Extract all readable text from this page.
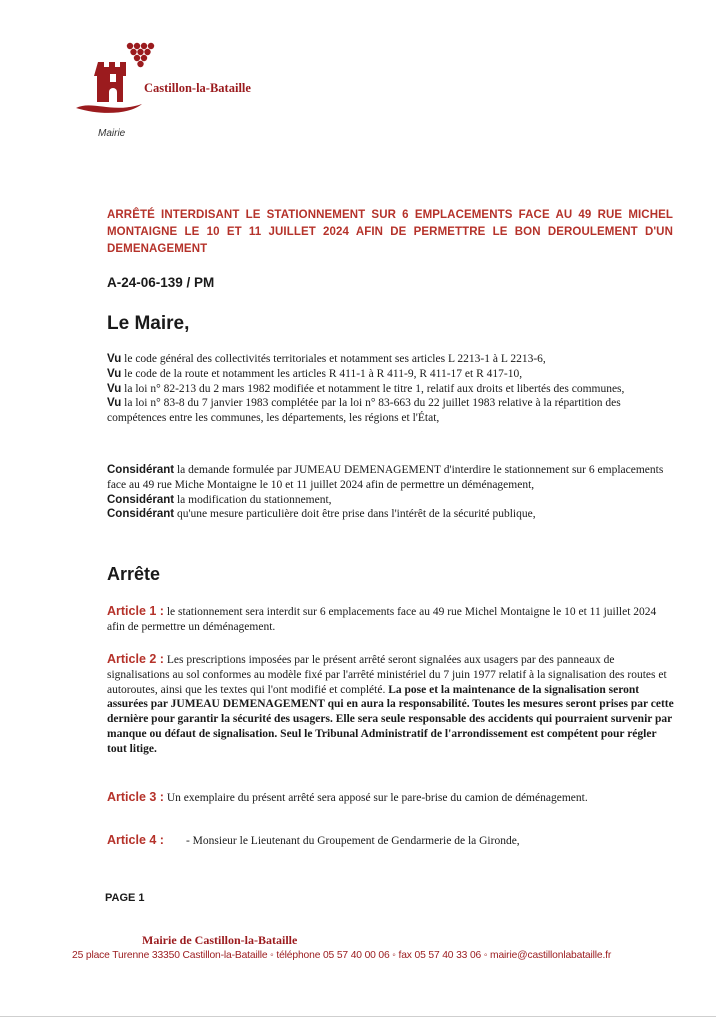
Castillon-la-Bataille
Mairie
ARRÊTÉ INTERDISANT LE STATIONNEMENT SUR 6 EMPLACEMENTS FACE AU 49 RUE MICHEL MONTAIGNE LE 10 ET 11 JUILLET 2024 AFIN DE PERMETTRE LE BON DEROULEMENT D'UN DEMENAGEMENT
A-24-06-139 / PM
Le Maire,

Vu le code général des collectivités territoriales et notamment ses articles L 2213-1 à L 2213-6,

Vu le code de la route et notamment les articles R 411-1 à R 411-9, R 411-17 et R 417-10,

Vu la loi n° 82-213 du 2 mars 1982 modifiée et notamment le titre 1, relatif aux droits et libertés des communes,

Vu la loi n° 83-8 du 7 janvier 1983 complétée par la loi n° 83-663 du 22 juillet 1983 relative à la répartition des compétences entre les communes, les départements, les régions et l'État,

Considérant la demande formulée par JUMEAU DEMENAGEMENT d'interdire le stationnement sur 6 emplacements face au 49 rue Miche Montaigne le 10 et 11 juillet 2024 afin de permettre un déménagement,

Considérant la modification du stationnement,

Considérant qu'une mesure particulière doit être prise dans l'intérêt de la sécurité publique,

Arrête

Article 1 : le stationnement sera interdit sur 6 emplacements face au 49 rue Michel Montaigne le 10 et 11 juillet 2024 afin de permettre un déménagement.

Article 2 : Les prescriptions imposées par le présent arrêté seront signalées aux usagers par des panneaux de signalisations au sol conformes au modèle fixé par l'arrêté ministériel du 7 juin 1977 relatif à la signalisation des routes et autoroutes, ainsi que les textes qui l'ont modifié et complété. La pose et la maintenance de la signalisation seront assurées par JUMEAU DEMENAGEMENT qui en aura la responsabilité. Toutes les mesures seront prises par cette dernière pour garantir la sécurité des usagers. Elle sera seule responsable des accidents qui pourraient survenir par manque ou défaut de signalisation. Seul le Tribunal Administratif de l'arrondissement est compétent pour régler tout litige.

Article 3 : Un exemplaire du présent arrêté sera apposé sur le pare-brise du camion de déménagement.

Article 4 : - Monsieur le Lieutenant du Groupement de Gendarmerie de la Gironde,

PAGE 1
Mairie de Castillon-la-Bataille
25 place Turenne 33350 Castillon-la-Bataille ◦ téléphone 05 57 40 00 06 ◦ fax 05 57 40 33 06 ◦ mairie@castillonlabataille.fr
